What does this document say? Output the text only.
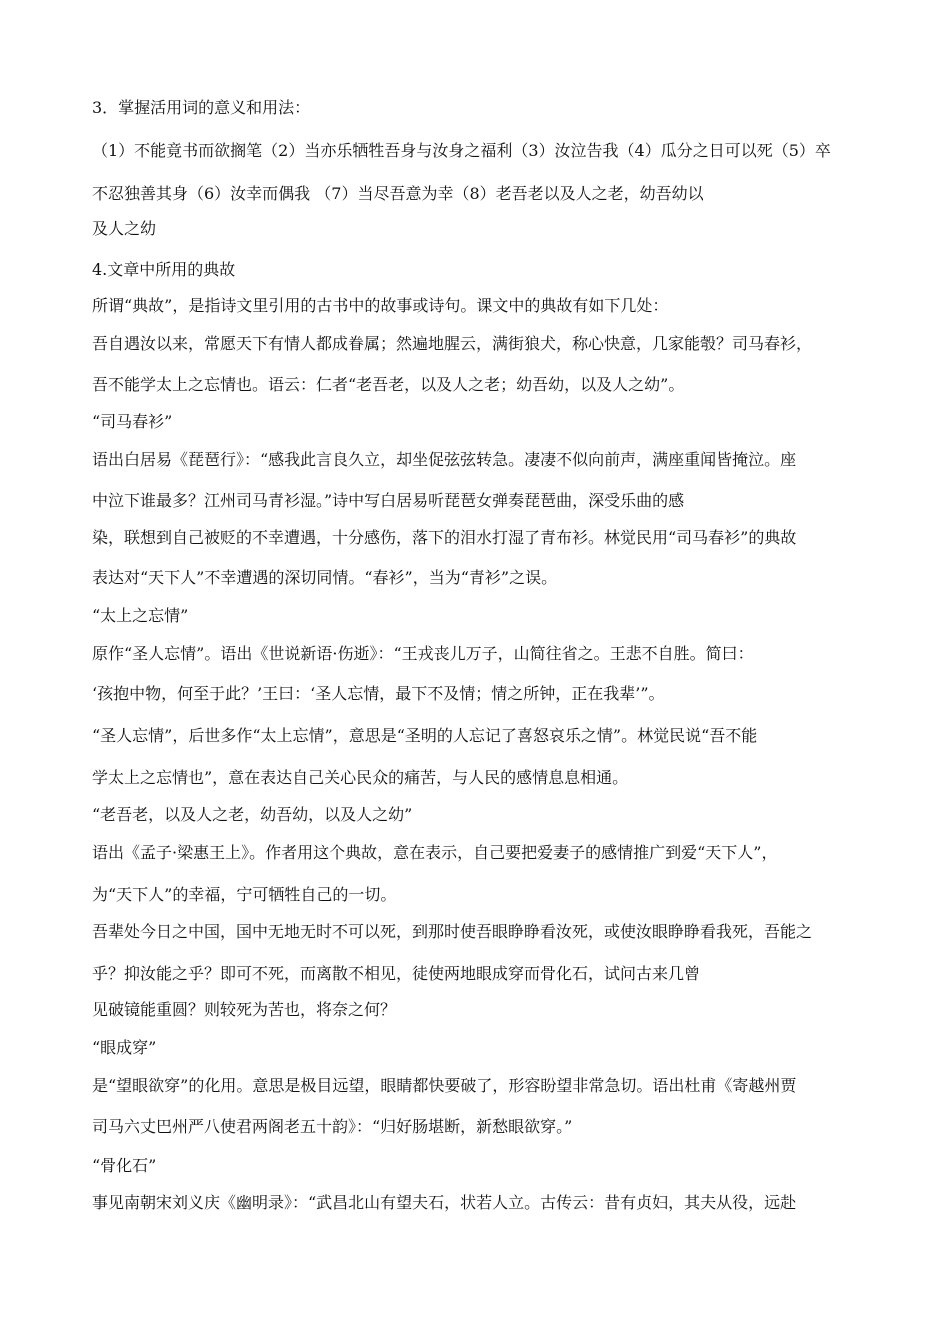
3．掌握活用词的意义和用法：
（1）不能竟书而欲搁笔（2）当亦乐牺牲吾身与汝身之福利（3）汝泣告我（4）瓜分之日可以死（5）卒
不忍独善其身（6）汝幸而偶我 （7）当尽吾意为幸（8）老吾老以及人之老，幼吾幼以
及人之幼
4.文章中所用的典故
所谓“典故”，是指诗文里引用的古书中的故事或诗句。课文中的典故有如下几处：
吾自遇汝以来，常愿天下有情人都成眷属；然遍地腥云，满街狼犬，称心快意，几家能彀？司马春衫，
吾不能学太上之忘情也。语云：仁者“老吾老，以及人之老；幼吾幼，以及人之幼”。
“司马春衫”
语出白居易《琵琶行》：“感我此言良久立，却坐促弦弦转急。凄凄不似向前声，满座重闻皆掩泣。座
中泣下谁最多？江州司马青衫湿。”诗中写白居易听琵琶女弹奏琵琶曲，深受乐曲的感
染，联想到自己被贬的不幸遭遇，十分感伤，落下的泪水打湿了青布衫。林觉民用“司马春衫”的典故
表达对“天下人”不幸遭遇的深切同情。“春衫”，当为“青衫”之误。
“太上之忘情”
原作“圣人忘情”。语出《世说新语·伤逝》：“王戎丧儿万子，山简往省之。王悲不自胜。简曰：
‘孩抱中物，何至于此？’王曰：‘圣人忘情，最下不及情；情之所钟，正在我辈’”。
“圣人忘情”，后世多作“太上忘情”，意思是“圣明的人忘记了喜怒哀乐之情”。林觉民说“吾不能
学太上之忘情也”，意在表达自己关心民众的痛苦，与人民的感情息息相通。
“老吾老，以及人之老，幼吾幼，以及人之幼”
语出《孟子·梁惠王上》。作者用这个典故，意在表示，自己要把爱妻子的感情推广到爱“天下人”，
为“天下人”的幸福，宁可牺牲自己的一切。
吾辈处今日之中国，国中无地无时不可以死，到那时使吾眼睁睁看汝死，或使汝眼睁睁看我死，吾能之
乎？抑汝能之乎？即可不死，而离散不相见，徒使两地眼成穿而骨化石，试问古来几曾
见破镜能重圆？则较死为苦也，将奈之何？
“眼成穿”
是“望眼欲穿”的化用。意思是极目远望，眼睛都快要破了，形容盼望非常急切。语出杜甫《寄越州贾
司马六丈巴州严八使君两阁老五十韵》：“归好肠堪断，新愁眼欲穿。”
“骨化石”
事见南朝宋刘义庆《幽明录》：“武昌北山有望夫石，状若人立。古传云：昔有贞妇，其夫从役，远赴
